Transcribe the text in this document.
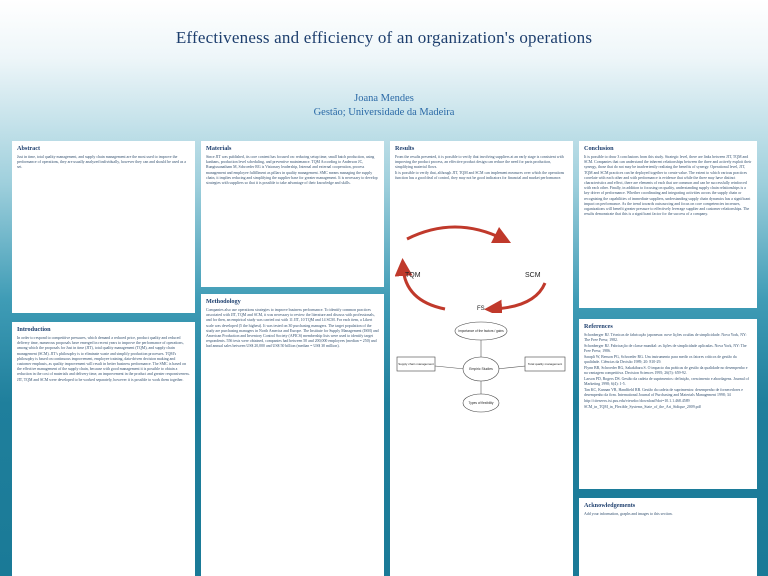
Effectiveness and efficiency of an organization's operations
Joana Mendes
Gestão; Universidade da Madeira
Abstract

Just in time, total quality management, and supply chain management are the most used to improve the performance of operations, they are usually analyzed individually, however they can and should be used as a set.

Introduction

In order to respond to competitive pressures, which demand a reduced price, product quality and reduced delivery time, numerous proposals have emerged in recent years to improve the performance of operations, among which the proposals for Just in time (JIT), total quality management (TQM), and supply chain management (SCM). JIT's philosophy is to eliminate waste and simplify production processes. TQM's philosophy is based on continuous improvement, employee training, data-driven decision making and customer emphasis, as quality improvement will result in better business performance. The SMC is based on the effective management of the supply chain, because with good management it is possible to obtain a reduction in the cost of materials and delivery time, an improvement in the product and greater responsiveness. JIT, TQM and SCM were developed to be worked separately, however it is possible to work them together.

Materials

Since JIT was published, its core content has focused on: reducing setup time, small batch production, using kanbans, production level scheduling, and preventive maintenance. TQM According to Anderson JC, Rungtusanatham M, Schroeder RG is Visionary leadership, Internal and external cooperation, process management and employee fulfillment as pillars in quality management. SMC means managing the supply chain, it implies reducing and simplifying the supplier base for greater management. It is necessary to develop strategies with suppliers so that it is possible to take advantage of their knowledge and skills.

Methodology

Companies also use operations strategies to improve business performance. To identify common practices associated with JIT, TQM and SCM, it was necessary to review the literature and discuss with professionals, and for then, an empirical study was carried out with 11 JIT, 10 TQM and 14 SCM. For each item, a Likert scale was developed (5 the highest). It was tested on 30 purchasing managers. The target population of the study are purchasing managers in North America and Europe. The Institute for Supply Management (ISM) and American Production and Inventory Control Society (APICS) membership lists were used to identify target respondents. 556 tests were obtained, companies had between 50 and 200,000 employees (median = 250) and had annual sales between US$ 20,000 and US$ 50 billion (median = US$ 30 million).

Results

From the results presented, it is possible to verify that involving suppliers at an early stage is consistent with improving the product process, an effective product design can reduce the need for parts production, simplifying material flows.

It is possible to verify that, although JIT, TQM and SCM can implement measures over which the operations function has a good deal of control, they may not be good indicators for financial and market performance.

TQM	SCM
FS
Importance of the factors / gains
Empiric Studies
Supply chain management	Total quality management
Types of flexibility
Conclusion

It is possible to draw 3 conclusions from this study. Strategic level, there are links between JIT, TQM and SCM. Companies that can understand the inherent relationships between the three and actively exploit their synergy, those that do not may be inadvertently realizing the benefits of synergy. Operational level, JIT, TQM and SCM practices can be deployed together to create value. The extent to which various practices correlate with each other and with performance is evidence that while the three may have distinct characteristics and effect, there are elements of each that are common and can be successfully reinforced with each other. Finally, in addition to focusing on quality, understanding supply chain relationships is a key driver of performance. Whether coordinating and integrating activities across the supply chain or recognizing the capabilities of immediate suppliers, understanding supply chain dynamics has a significant impact on performance. As the trend towards outsourcing and focus on core competencies increases, organizations will benefit greater pressure to effectively leverage supplier and customer relationships. The results demonstrate that this is a significant factor for the success of a company.

References

Schonberger RJ. Técnicas de fabricação japonesas: nove lições ocultas de simplicidade. Nova York, NY: The Free Press; 1982.

Schonberger RJ. Fabricação de classe mundial: as lições de simplicidade aplicadas. Nova York, NY: The Free Press; 1986.

Sarapli W, Benson PG, Schroeder RG. Um instrumento para medir os fatores críticos de gestão da qualidade. Ciências da Decisão 1989; 20: 810-29.

Flynn BB, Schroeder RG, Sakakibara S. O impacto das práticas de gestão da qualidade no desempenho e na vantagem competitiva. Decision Sciences 1995; 26(5): 659-92.

Larson PD, Rogers DS. Gestão da cadeia de suprimentos: definição, crescimento e abordagens. Journal of Marketing 1998; 6(4): 1-5.

Tan KC, Kannan VR, Handfield RB. Gestão da cadeia de suprimentos: desempenho de fornecedores e desempenho da firm. International Journal of Purchasing and Materials Management 1998; 34

http://citeseerx.ist.psu.edu/viewdoc/download?doi=10.1.1.468.4589

SCM_in_TQM_in_Flexible_Systems_State_of_the_Art_Sidique_2009.pdf

Acknowledgements

Add your information, graphs and images to this section.
